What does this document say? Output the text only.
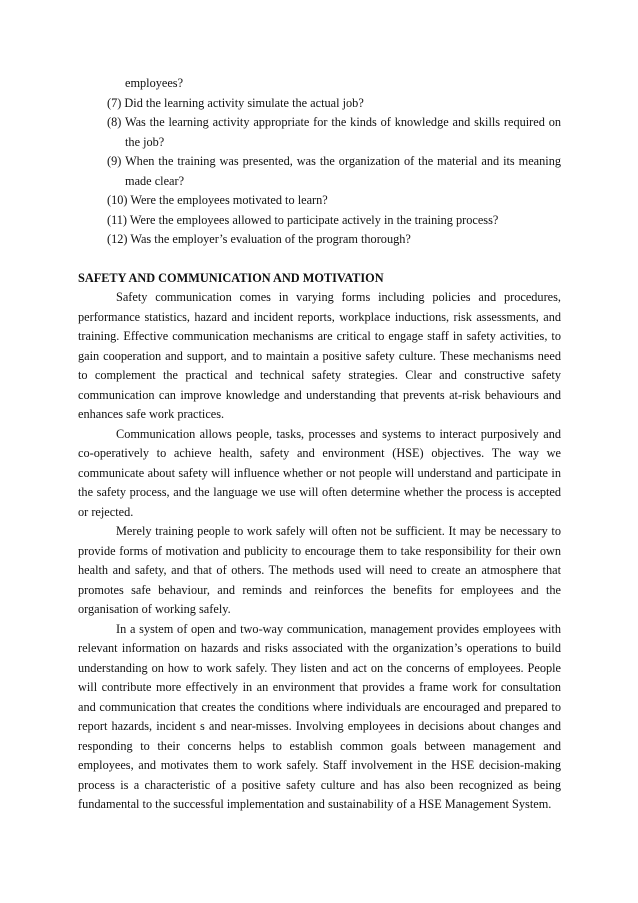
employees?

(7) Did the learning activity simulate the actual job?
(8) Was the learning activity appropriate for the kinds of knowledge and skills required on the job?
(9) When the training was presented, was the organization of the material and its meaning made clear?
(10) Were the employees motivated to learn?
(11) Were the employees allowed to participate actively in the training process?
(12) Was the employer’s evaluation of the program thorough?
SAFETY AND COMMUNICATION AND MOTIVATION

Safety communication comes in varying forms including policies and procedures, performance statistics, hazard and incident reports, workplace inductions, risk assessments, and training. Effective communication mechanisms are critical to engage staff in safety activities, to gain cooperation and support, and to maintain a positive safety culture. These mechanisms need to complement the practical and technical safety strategies. Clear and constructive safety communication can improve knowledge and understanding that prevents at-risk behaviours and enhances safe work practices.

Communication allows people, tasks, processes and systems to interact purposively and co-operatively to achieve health, safety and environment (HSE) objectives. The way we communicate about safety will influence whether or not people will understand and participate in the safety process, and the language we use will often determine whether the process is accepted or rejected.

Merely training people to work safely will often not be sufficient. It may be necessary to provide forms of motivation and publicity to encourage them to take responsibility for their own health and safety, and that of others. The methods used will need to create an atmosphere that promotes safe behaviour, and reminds and reinforces the benefits for employees and the organisation of working safely.

In a system of open and two-way communication, management provides employees with relevant information on hazards and risks associated with the organization’s operations to build understanding on how to work safely. They listen and act on the concerns of employees. People will contribute more effectively in an environment that provides a frame work for consultation and communication that creates the conditions where individuals are encouraged and prepared to report hazards, incident s and near-misses. Involving employees in decisions about changes and responding to their concerns helps to establish common goals between management and employees, and motivates them to work safely. Staff involvement in the HSE decision-making process is a characteristic of a positive safety culture and has also been recognized as being fundamental to the successful implementation and sustainability of a HSE Management System.
